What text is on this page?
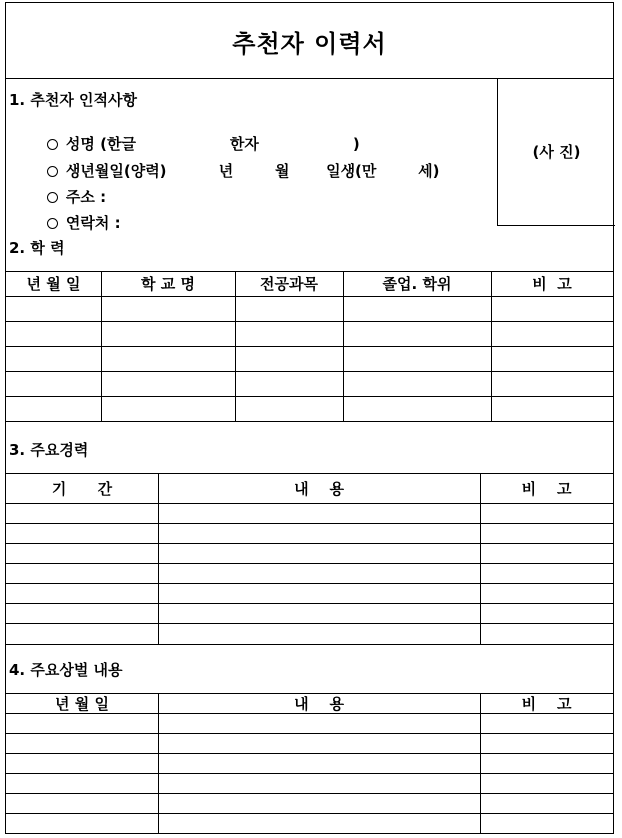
추천자 이력서
1. 추천자 인적사항

성명 (한글                  한자                  )

생년월일(양력)          년        월       일생(만        세)

주소 :

연락처 :

(사 진)
2. 학 력
년 월 일	학 교 명	전공과목	졸업. 학위	비  고
3. 주요경력
기      간	내    용	비    고
4. 주요상벌 내용
년 월 일	내    용	비    고
